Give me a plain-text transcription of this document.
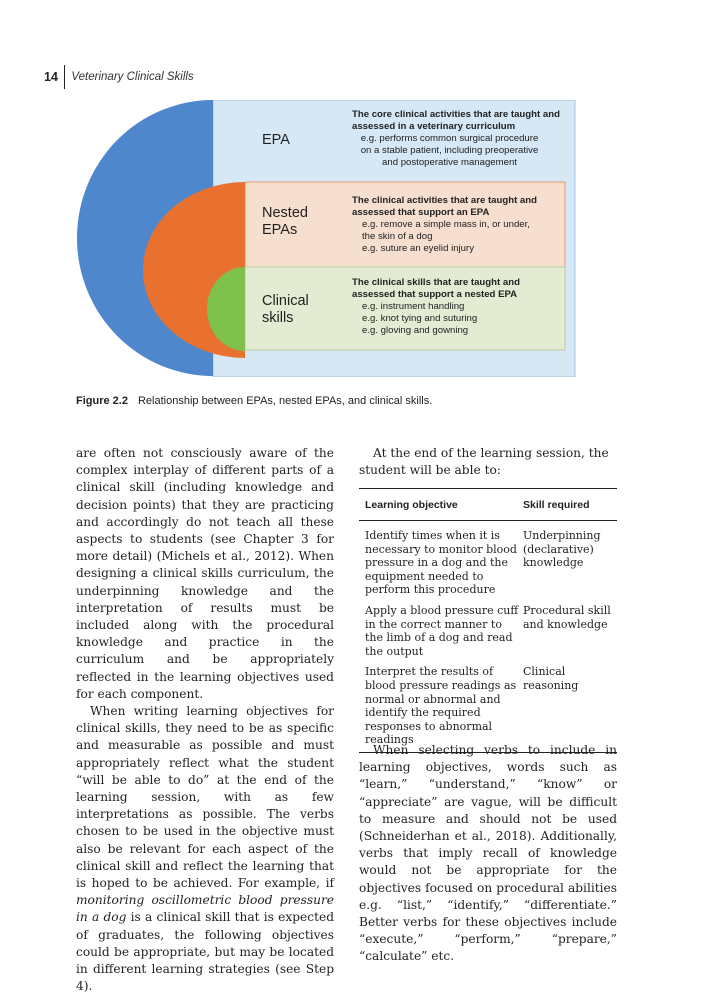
14	Veterinary Clinical Skills
EPA
The core clinical activities that are taught and
assessed in a veterinary curriculum
e.g. performs common surgical procedure
on a stable patient, including preoperative
and postoperative management
Nested
EPAs
The clinical activities that are taught and
assessed that support an EPA
e.g. remove a simple mass in, or under,
the skin of a dog
e.g. suture an eyelid injury
Clinical
skills
The clinical skills that are taught and
assessed that support a nested EPA
e.g. instrument handling
e.g. knot tying and suturing
e.g. gloving and gowning
Figure 2.2 Relationship between EPAs, nested EPAs, and clinical skills.

are often not consciously aware of the complex interplay of different parts of a clinical skill (including knowledge and decision points) that they are practicing and accordingly do not teach all these aspects to students (see Chapter 3 for more detail) (Michels et al., 2012). When designing a clinical skills curriculum, the underpinning knowledge and the interpretation of results must be included along with the procedural knowledge and practice in the curriculum and be appropriately reflected in the learning objectives used for each component.

When writing learning objectives for clinical skills, they need to be as specific and measurable as possible and must appropriately reflect what the student “will be able to do” at the end of the learning session, with as few interpretations as possible. The verbs chosen to be used in the objective must also be relevant for each aspect of the clinical skill and reflect the learning that is hoped to be achieved. For example, if monitoring oscillometric blood pressure in a dog is a clinical skill that is expected of graduates, the following objectives could be appropriate, but may be located in different learning strategies (see Step 4).

At the end of the learning session, the student will be able to:

Learning objective	Skill required
Identify times when it is necessary to monitor blood pressure in a dog and the equipment needed to perform this procedure
Underpinning (declarative) knowledge
Apply a blood pressure cuff in the correct manner to the limb of a dog and read the output
Procedural skill and knowledge
Interpret the results of blood pressure readings as normal or abnormal and identify the required responses to abnormal readings
Clinical reasoning

When selecting verbs to include in learning objectives, words such as “learn,” “understand,” “know” or “appreciate” are vague, will be difficult to measure and should not be used (Schneiderhan et al., 2018). Additionally, verbs that imply recall of knowledge would not be appropriate for the objectives focused on procedural abilities e.g. “list,” “identify,” “differentiate.” Better verbs for these objectives include “execute,” “perform,” “prepare,” “calculate” etc.
